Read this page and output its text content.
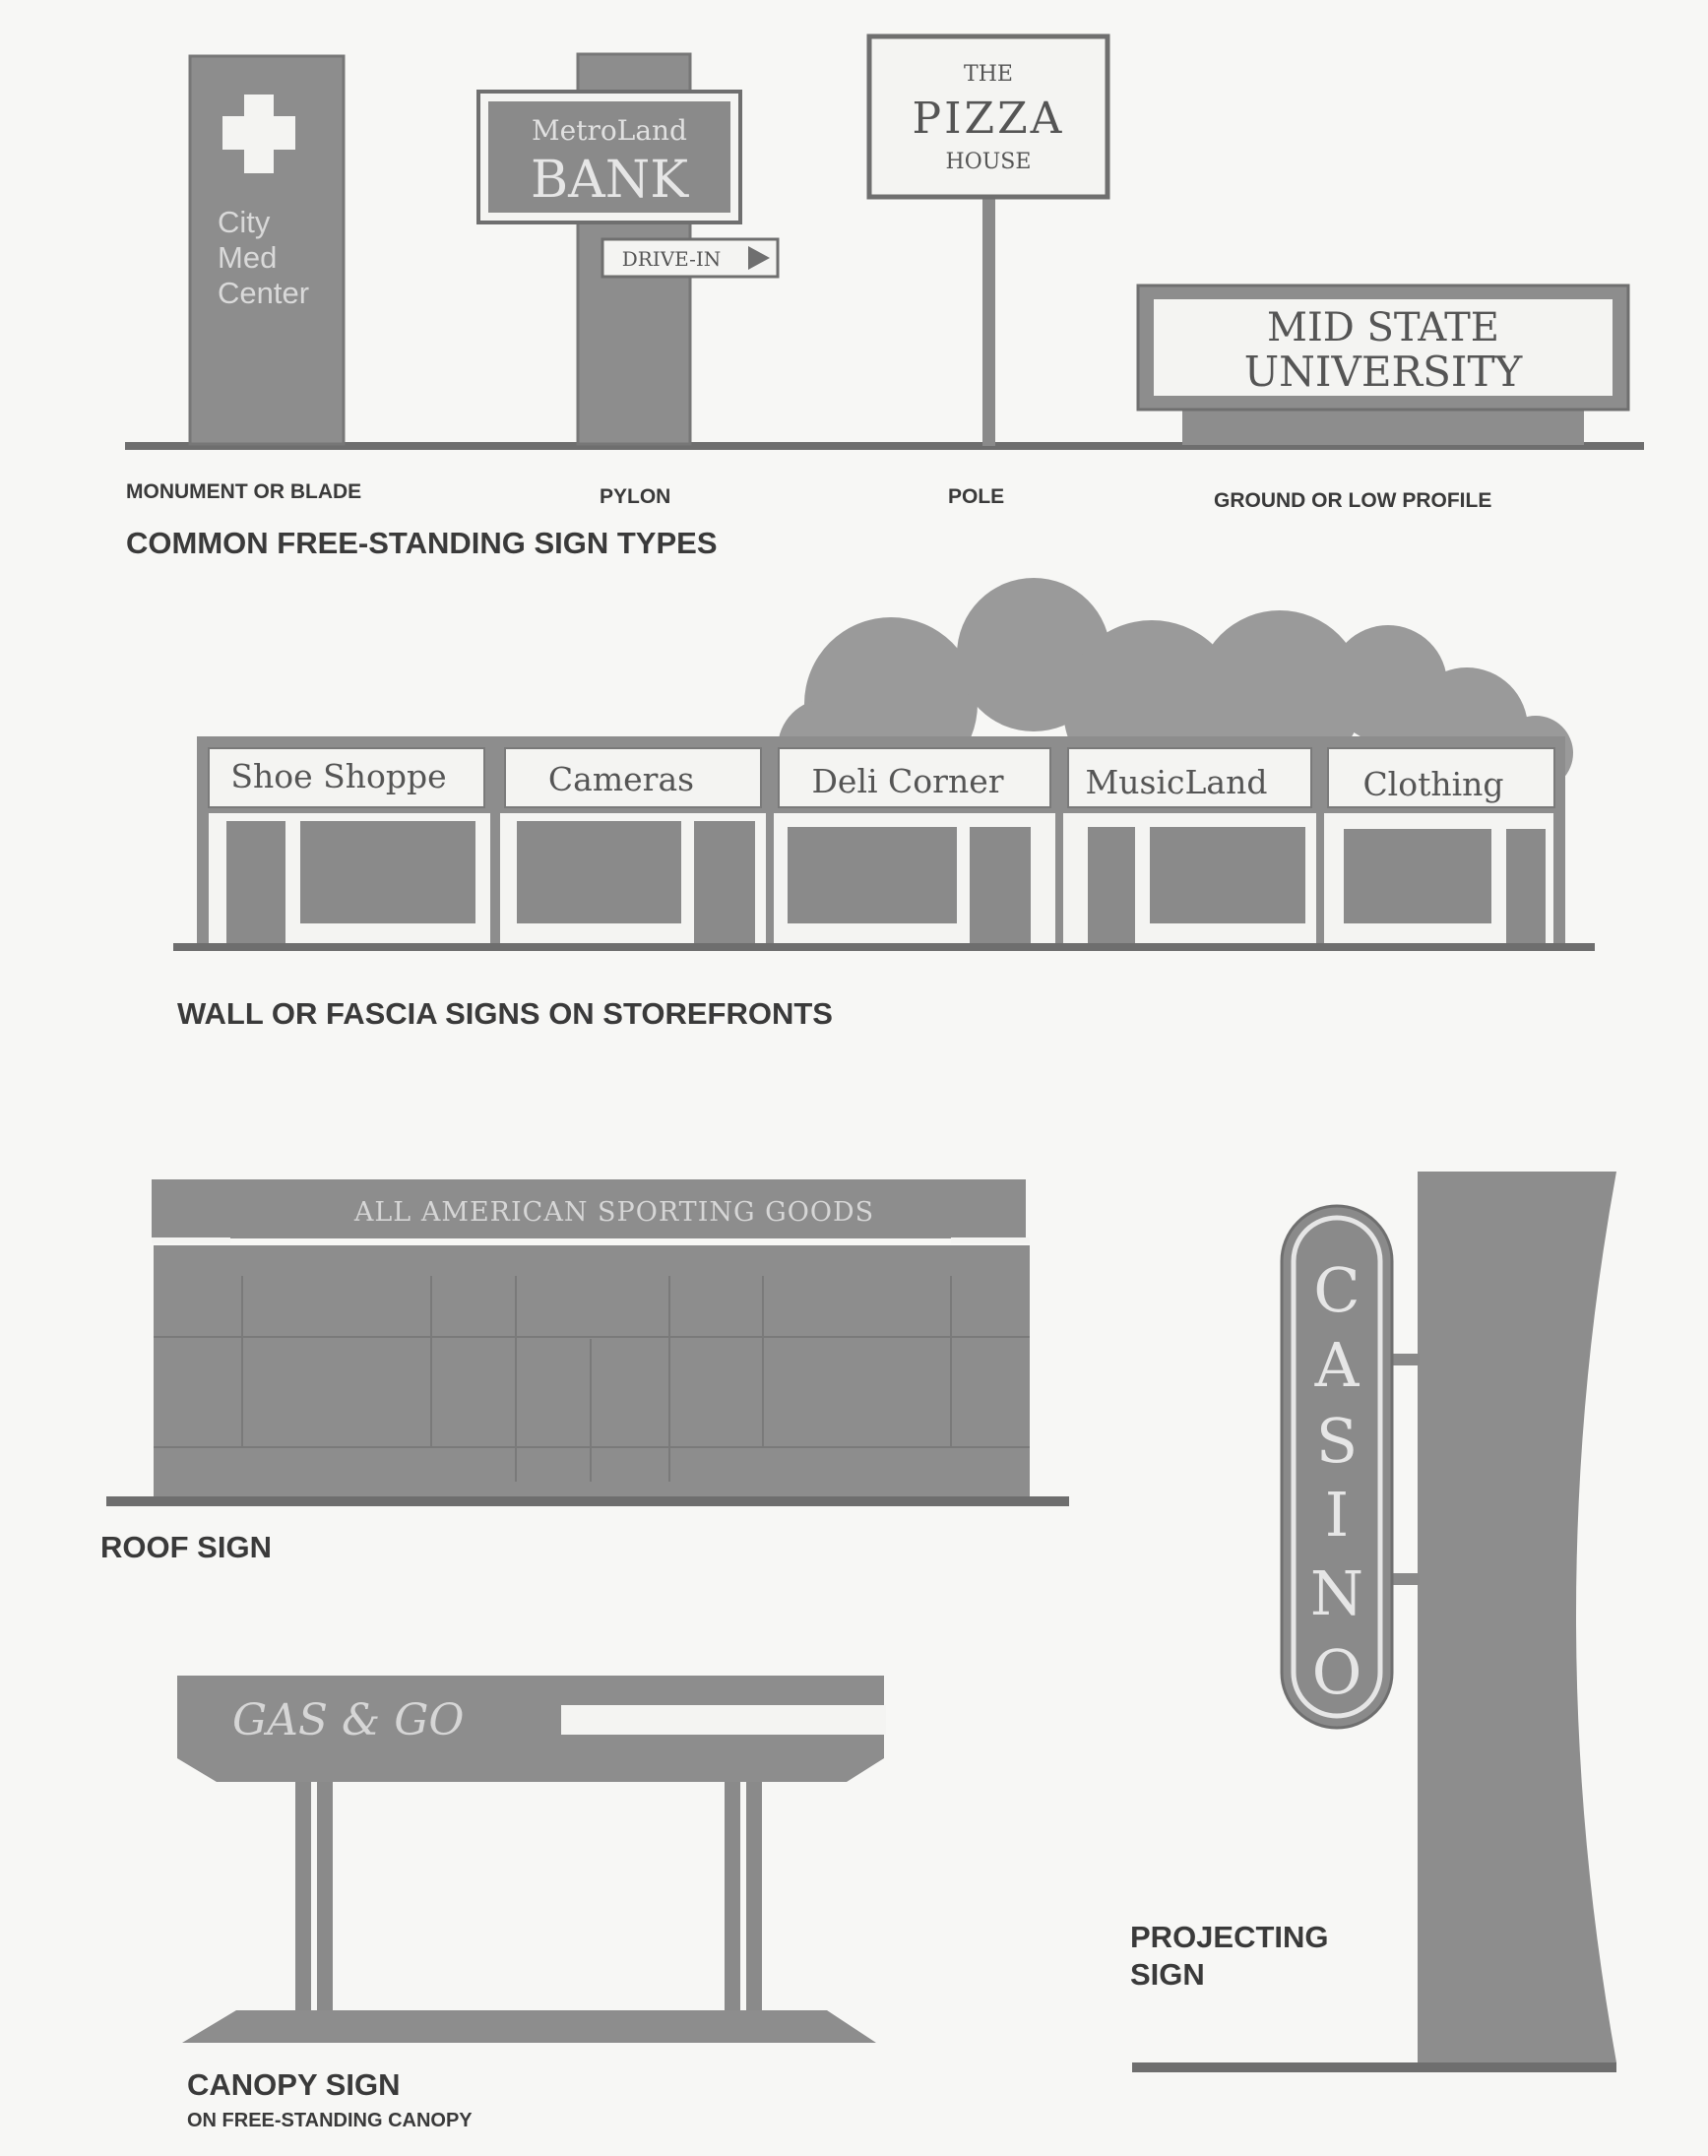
City
Med
Center
MetroLand
BANK
DRIVE-IN
THE
PIZZA
HOUSE
MID STATE
UNIVERSITY
MONUMENT OR BLADE	PYLON	POLE	GROUND OR LOW PROFILE
COMMON FREE-STANDING SIGN TYPES
Shoe Shoppe	Cameras	Deli Corner	MusicLand	Clothing
WALL OR FASCIA SIGNS ON STOREFRONTS
ALL AMERICAN SPORTING GOODS
ROOF SIGN
GAS & GO
CANOPY SIGN
ON FREE-STANDING CANOPY
C
A
S
I
N
O
PROJECTING
SIGN
